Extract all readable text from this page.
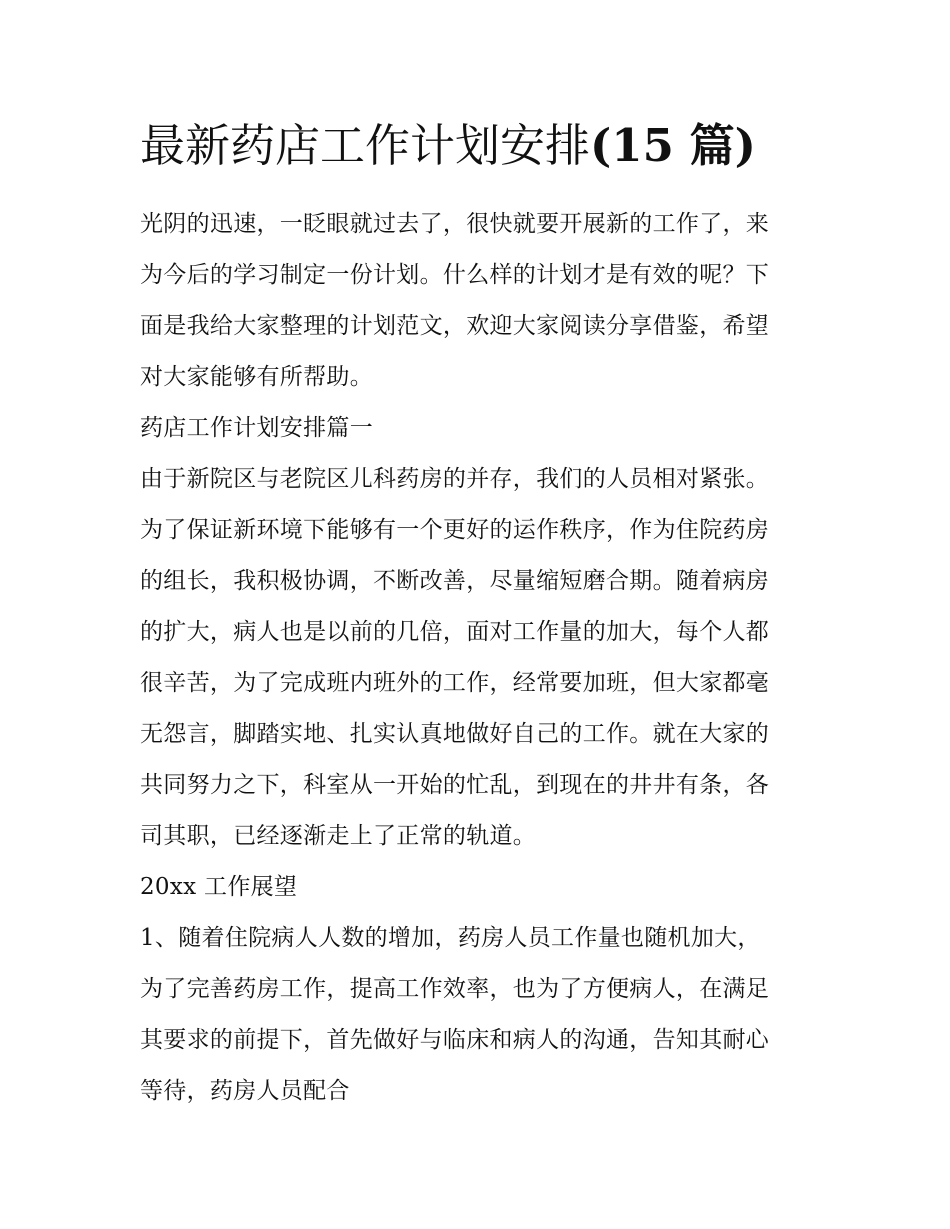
最新药店工作计划安排(15 篇)
光阴的迅速，一眨眼就过去了，很快就要开展新的工作了，来
为今后的学习制定一份计划。什么样的计划才是有效的呢？下
面是我给大家整理的计划范文，欢迎大家阅读分享借鉴，希望
对大家能够有所帮助。
药店工作计划安排篇一
由于新院区与老院区儿科药房的并存，我们的人员相对紧张。
为了保证新环境下能够有一个更好的运作秩序，作为住院药房
的组长，我积极协调，不断改善，尽量缩短磨合期。随着病房
的扩大，病人也是以前的几倍，面对工作量的加大，每个人都
很辛苦，为了完成班内班外的工作，经常要加班，但大家都毫
无怨言，脚踏实地、扎实认真地做好自己的工作。就在大家的
共同努力之下，科室从一开始的忙乱，到现在的井井有条，各
司其职，已经逐渐走上了正常的轨道。
20xx 工作展望
1、随着住院病人人数的增加，药房人员工作量也随机加大，
为了完善药房工作，提高工作效率，也为了方便病人，在满足
其要求的前提下，首先做好与临床和病人的沟通，告知其耐心
等待，药房人员配合
